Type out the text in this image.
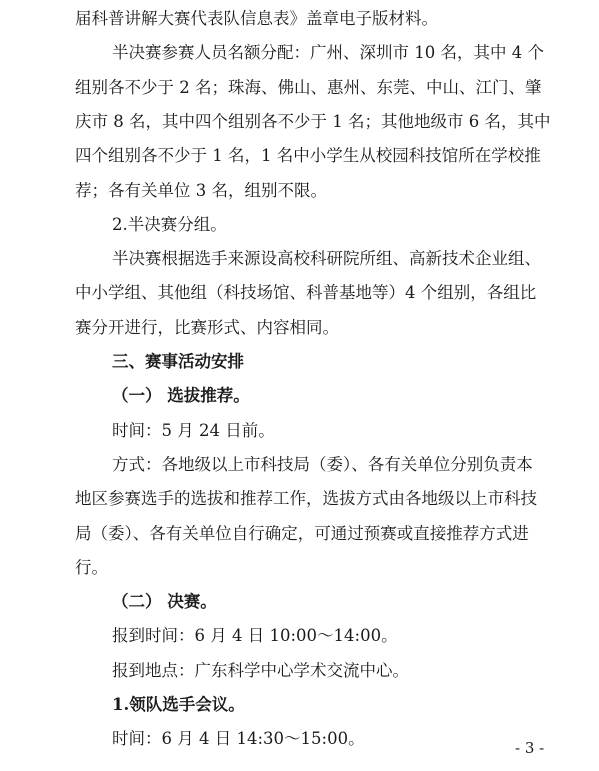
届科普讲解大赛代表队信息表》盖章电子版材料。
半决赛参赛人员名额分配：广州、深圳市 10 名，其中 4 个
组别各不少于 2 名；珠海、佛山、惠州、东莞、中山、江门、肇
庆市 8 名，其中四个组别各不少于 1 名；其他地级市 6 名，其中
四个组别各不少于 1 名，1 名中小学生从校园科技馆所在学校推
荐；各有关单位 3 名，组别不限。
2.半决赛分组。
半决赛根据选手来源设高校科研院所组、高新技术企业组、
中小学组、其他组（科技场馆、科普基地等）4 个组别，各组比
赛分开进行，比赛形式、内容相同。
三、赛事活动安排
（一） 选拔推荐。
时间：5 月 24 日前。
方式：各地级以上市科技局（委）、各有关单位分别负责本
地区参赛选手的选拔和推荐工作，选拔方式由各地级以上市科技
局（委）、各有关单位自行确定，可通过预赛或直接推荐方式进
行。
（二） 决赛。
报到时间：6 月 4 日 10:00～14:00。
报到地点：广东科学中心学术交流中心。
1.领队选手会议。
时间：6 月 4 日 14:30～15:00。	- 3 -
